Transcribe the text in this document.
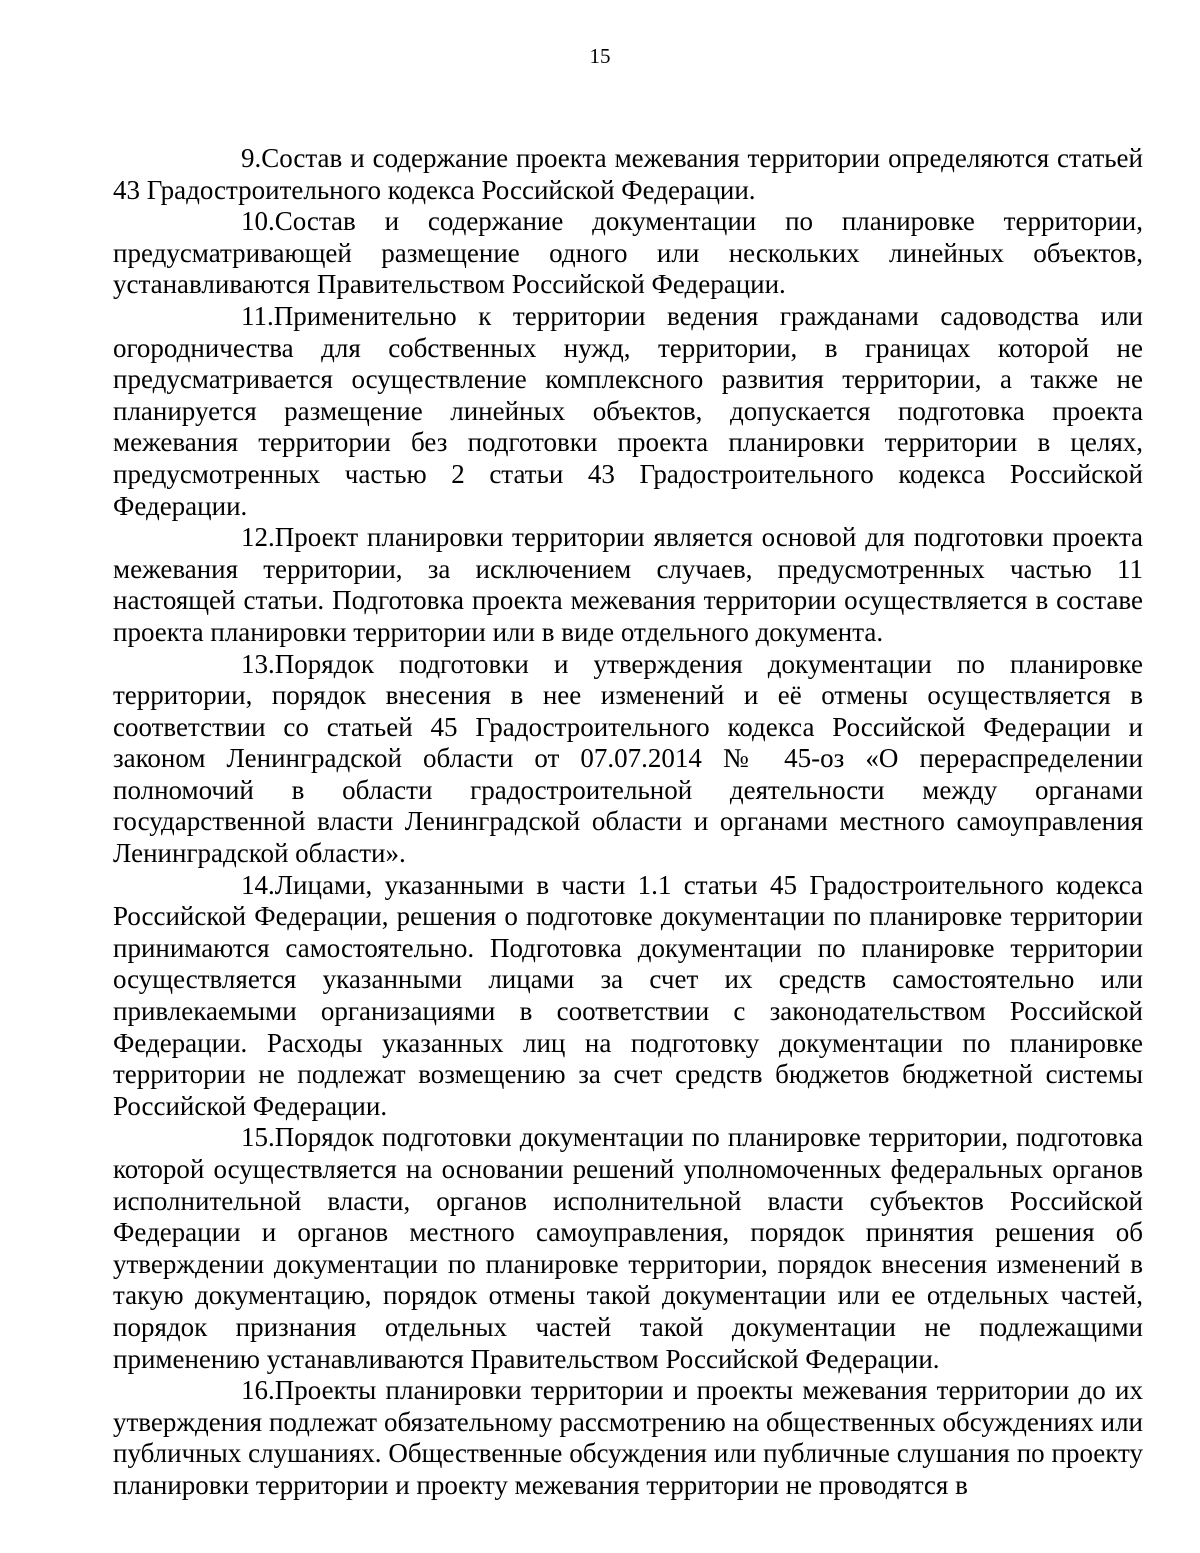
15

9.Состав и содержание проекта межевания территории определяются статьей 43 Градостроительного кодекса Российской Федерации.

10.Состав и содержание документации по планировке территории, предусматривающей размещение одного или нескольких линейных объектов, устанавливаются Правительством Российской Федерации.

11.Применительно к территории ведения гражданами садоводства или огородничества для собственных нужд, территории, в границах которой не предусматривается осуществление комплексного развития территории, а также не планируется размещение линейных объектов, допускается подготовка проекта межевания территории без подготовки проекта планировки территории в целях, предусмотренных частью 2 статьи 43 Градостроительного кодекса Российской Федерации.

12.Проект планировки территории является основой для подготовки проекта межевания территории, за исключением случаев, предусмотренных частью 11 настоящей статьи. Подготовка проекта межевания территории осуществляется в составе проекта планировки территории или в виде отдельного документа.

13.Порядок подготовки и утверждения документации по планировке территории, порядок внесения в нее изменений и её отмены осуществляется в соответствии со статьей 45 Градостроительного кодекса Российской Федерации и законом Ленинградской области от 07.07.2014 № 45-оз «О перераспределении полномочий в области градостроительной деятельности между органами государственной власти Ленинградской области и органами местного самоуправления Ленинградской области».

14.Лицами, указанными в части 1.1 статьи 45 Градостроительного кодекса Российской Федерации, решения о подготовке документации по планировке территории принимаются самостоятельно. Подготовка документации по планировке территории осуществляется указанными лицами за счет их средств самостоятельно или привлекаемыми организациями в соответствии с законодательством Российской Федерации. Расходы указанных лиц на подготовку документации по планировке территории не подлежат возмещению за счет средств бюджетов бюджетной системы Российской Федерации.

15.Порядок подготовки документации по планировке территории, подготовка которой осуществляется на основании решений уполномоченных федеральных органов исполнительной власти, органов исполнительной власти субъектов Российской Федерации и органов местного самоуправления, порядок принятия решения об утверждении документации по планировке территории, порядок внесения изменений в такую документацию, порядок отмены такой документации или ее отдельных частей, порядок признания отдельных частей такой документации не подлежащими применению устанавливаются Правительством Российской Федерации.

16.Проекты планировки территории и проекты межевания территории до их утверждения подлежат обязательному рассмотрению на общественных обсуждениях или публичных слушаниях. Общественные обсуждения или публичные слушания по проекту планировки территории и проекту межевания территории не проводятся в
